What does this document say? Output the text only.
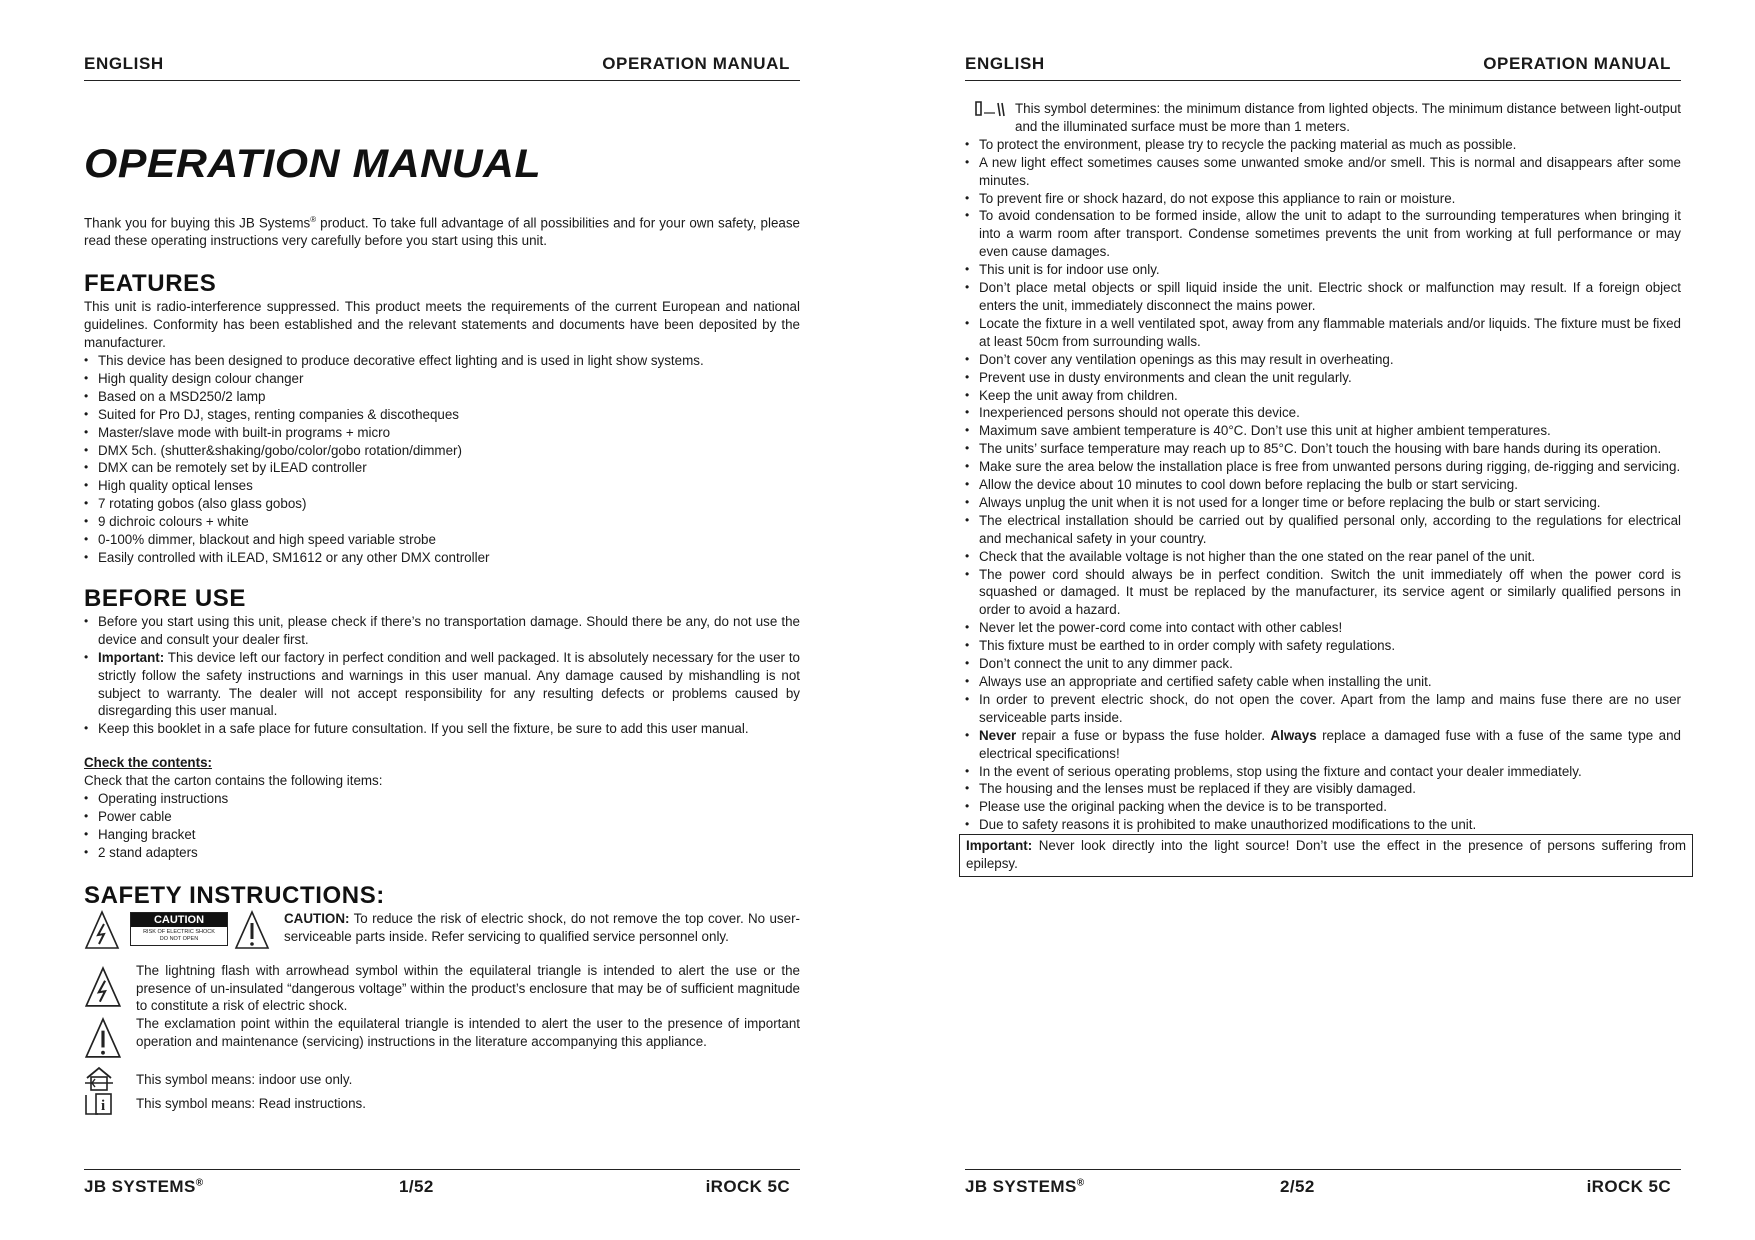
ENGLISH	OPERATION MANUAL
OPERATION MANUAL

Thank you for buying this JB Systems® product. To take full advantage of all possibilities and for your own safety, please read these operating instructions very carefully before you start using this unit.

FEATURES

This unit is radio-interference suppressed. This product meets the requirements of the current European and national guidelines. Conformity has been established and the relevant statements and documents have been deposited by the manufacturer.

• This device has been designed to produce decorative effect lighting and is used in light show systems.
• High quality design colour changer
• Based on a MSD250/2 lamp
• Suited for Pro DJ, stages, renting companies & discotheques
• Master/slave mode with built-in programs + micro
• DMX 5ch. (shutter&shaking/gobo/color/gobo rotation/dimmer)
• DMX can be remotely set by iLEAD controller
• High quality optical lenses
• 7 rotating gobos (also glass gobos)
• 9 dichroic colours + white
• 0-100% dimmer, blackout and high speed variable strobe
• Easily controlled with iLEAD, SM1612 or any other DMX controller
BEFORE USE
• Before you start using this unit, please check if there’s no transportation damage. Should there be any, do not use the device and consult your dealer first.
• Important: This device left our factory in perfect condition and well packaged. It is absolutely necessary for the user to strictly follow the safety instructions and warnings in this user manual. Any damage caused by mishandling is not subject to warranty. The dealer will not accept responsibility for any resulting defects or problems caused by disregarding this user manual.
• Keep this booklet in a safe place for future consultation. If you sell the fixture, be sure to add this user manual.

Check the contents:

Check that the carton contains the following items:

• Operating instructions
• Power cable
• Hanging bracket
• 2 stand adapters
SAFETY INSTRUCTIONS:
CAUTION
RISK OF ELECTRIC SHOCK
DO NOT OPEN

CAUTION: To reduce the risk of electric shock, do not remove the top cover. No user-serviceable parts inside. Refer servicing to qualified service personnel only.

The lightning flash with arrowhead symbol within the equilateral triangle is intended to alert the use or the presence of un-insulated “dangerous voltage” within the product’s enclosure that may be of sufficient magnitude to constitute a risk of electric shock.

The exclamation point within the equilateral triangle is intended to alert the user to the presence of important operation and maintenance (servicing) instructions in the literature accompanying this appliance.

This symbol means: indoor use only.

i This symbol means: Read instructions.

JB SYSTEMS®	1/52	iROCK 5C
ENGLISH	OPERATION MANUAL

This symbol determines: the minimum distance from lighted objects. The minimum distance between light-output and the illuminated surface must be more than 1 meters.

• To protect the environment, please try to recycle the packing material as much as possible.
• A new light effect sometimes causes some unwanted smoke and/or smell. This is normal and disappears after some minutes.
• To prevent fire or shock hazard, do not expose this appliance to rain or moisture.
• To avoid condensation to be formed inside, allow the unit to adapt to the surrounding temperatures when bringing it into a warm room after transport. Condense sometimes prevents the unit from working at full performance or may even cause damages.
• This unit is for indoor use only.
• Don’t place metal objects or spill liquid inside the unit. Electric shock or malfunction may result. If a foreign object enters the unit, immediately disconnect the mains power.
• Locate the fixture in a well ventilated spot, away from any flammable materials and/or liquids. The fixture must be fixed at least 50cm from surrounding walls.
• Don’t cover any ventilation openings as this may result in overheating.
• Prevent use in dusty environments and clean the unit regularly.
• Keep the unit away from children.
• Inexperienced persons should not operate this device.
• Maximum save ambient temperature is 40°C. Don’t use this unit at higher ambient temperatures.
• The units’ surface temperature may reach up to 85°C. Don’t touch the housing with bare hands during its operation.
• Make sure the area below the installation place is free from unwanted persons during rigging, de-rigging and servicing.
• Allow the device about 10 minutes to cool down before replacing the bulb or start servicing.
• Always unplug the unit when it is not used for a longer time or before replacing the bulb or start servicing.
• The electrical installation should be carried out by qualified personal only, according to the regulations for electrical and mechanical safety in your country.
• Check that the available voltage is not higher than the one stated on the rear panel of the unit.
• The power cord should always be in perfect condition. Switch the unit immediately off when the power cord is squashed or damaged. It must be replaced by the manufacturer, its service agent or similarly qualified persons in order to avoid a hazard.
• Never let the power-cord come into contact with other cables!
• This fixture must be earthed to in order comply with safety regulations.
• Don’t connect the unit to any dimmer pack.
• Always use an appropriate and certified safety cable when installing the unit.
• In order to prevent electric shock, do not open the cover. Apart from the lamp and mains fuse there are no user serviceable parts inside.
• Never repair a fuse or bypass the fuse holder. Always replace a damaged fuse with a fuse of the same type and electrical specifications!
• In the event of serious operating problems, stop using the fixture and contact your dealer immediately.
• The housing and the lenses must be replaced if they are visibly damaged.
• Please use the original packing when the device is to be transported.
• Due to safety reasons it is prohibited to make unauthorized modifications to the unit.
Important: Never look directly into the light source! Don’t use the effect in the presence of persons suffering from epilepsy.
JB SYSTEMS®	2/52	iROCK 5C
